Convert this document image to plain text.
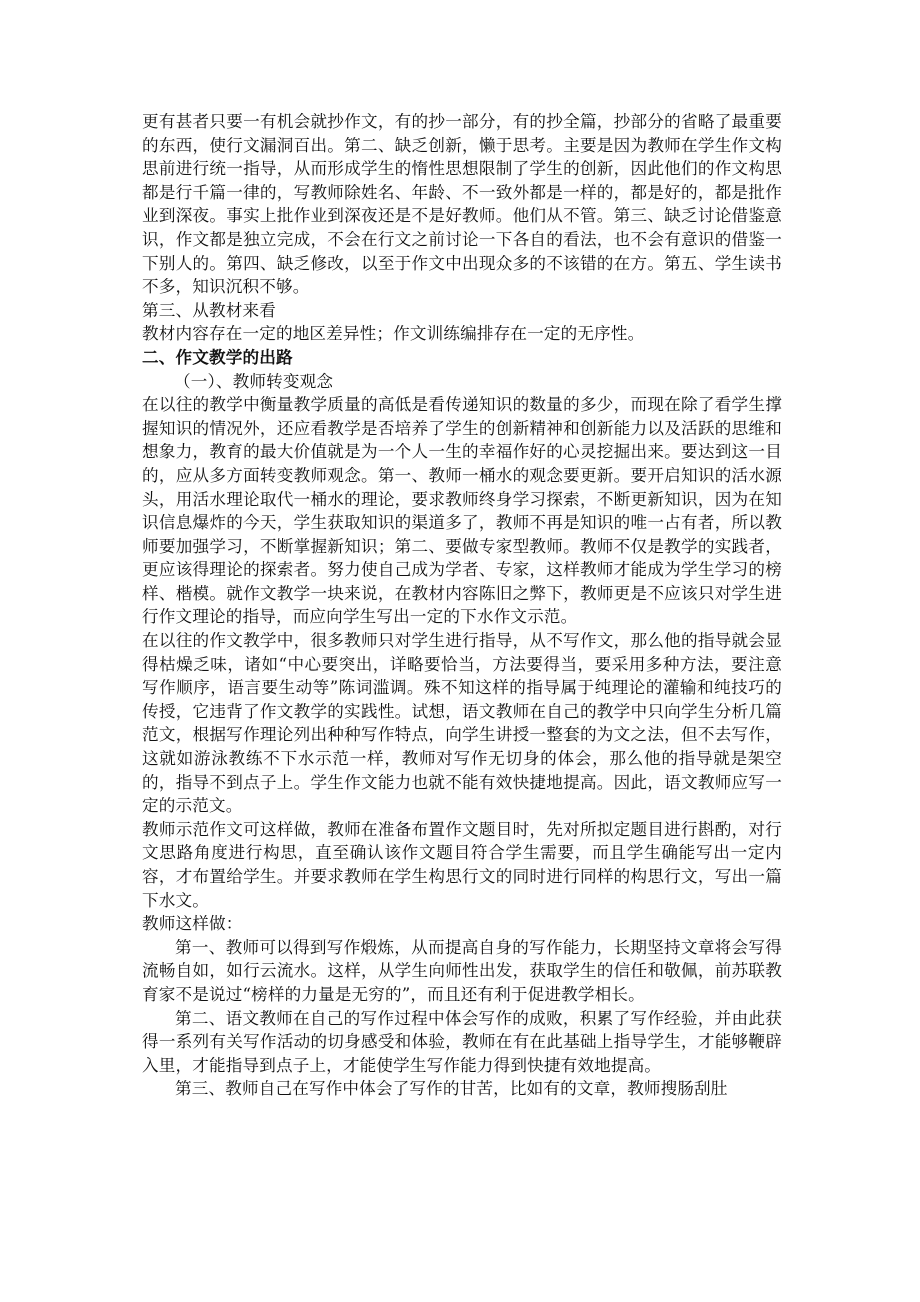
更有甚者只要一有机会就抄作文，有的抄一部分，有的抄全篇，抄部分的省略了最重要的东西，使行文漏洞百出。第二、缺乏创新，懒于思考。主要是因为教师在学生作文构思前进行统一指导，从而形成学生的惰性思想限制了学生的创新，因此他们的作文构思都是行千篇一律的，写教师除姓名、年龄、不一致外都是一样的，都是好的，都是批作业到深夜。事实上批作业到深夜还是不是好教师。他们从不管。第三、缺乏讨论借鉴意识，作文都是独立完成，不会在行文之前讨论一下各自的看法，也不会有意识的借鉴一下别人的。第四、缺乏修改，以至于作文中出现众多的不该错的在方。第五、学生读书不多，知识沉积不够。

第三、从教材来看

教材内容存在一定的地区差异性；作文训练编排存在一定的无序性。

二、作文教学的出路

（一）、教师转变观念

在以往的教学中衡量教学质量的高低是看传递知识的数量的多少，而现在除了看学生撑握知识的情况外，还应看教学是否培养了学生的创新精神和创新能力以及活跃的思维和想象力，教育的最大价值就是为一个人一生的幸福作好的心灵挖掘出来。要达到这一目的，应从多方面转变教师观念。第一、教师一桶水的观念要更新。要开启知识的活水源头，用活水理论取代一桶水的理论，要求教师终身学习探索，不断更新知识，因为在知识信息爆炸的今天，学生获取知识的渠道多了，教师不再是知识的唯一占有者，所以教师要加强学习，不断掌握新知识；第二、要做专家型教师。教师不仅是教学的实践者，更应该得理论的探索者。努力使自己成为学者、专家，这样教师才能成为学生学习的榜样、楷模。就作文教学一块来说，在教材内容陈旧之弊下，教师更是不应该只对学生进行作文理论的指导，而应向学生写出一定的下水作文示范。

在以往的作文教学中，很多教师只对学生进行指导，从不写作文，那么他的指导就会显得枯燥乏味，诸如“中心要突出，详略要恰当，方法要得当，要采用多种方法，要注意写作顺序，语言要生动等”陈词滥调。殊不知这样的指导属于纯理论的灌输和纯技巧的传授，它违背了作文教学的实践性。试想，语文教师在自己的教学中只向学生分析几篇范文，根据写作理论列出种种写作特点，向学生讲授一整套的为文之法，但不去写作，这就如游泳教练不下水示范一样，教师对写作无切身的体会，那么他的指导就是架空的，指导不到点子上。学生作文能力也就不能有效快捷地提高。因此，语文教师应写一定的示范文。

教师示范作文可这样做，教师在准备布置作文题目时，先对所拟定题目进行斟酌，对行文思路角度进行构思，直至确认该作文题目符合学生需要，而且学生确能写出一定内容，才布置给学生。并要求教师在学生构思行文的同时进行同样的构思行文，写出一篇下水文。

教师这样做：

第一、教师可以得到写作煅炼，从而提高自身的写作能力，长期坚持文章将会写得流畅自如，如行云流水。这样，从学生向师性出发，获取学生的信任和敬佩，前苏联教育家不是说过“榜样的力量是无穷的”，而且还有利于促进教学相长。

第二、语文教师在自己的写作过程中体会写作的成败，积累了写作经验，并由此获得一系列有关写作活动的切身感受和体验，教师在有在此基础上指导学生，才能够鞭辟入里，才能指导到点子上，才能使学生写作能力得到快捷有效地提高。

第三、教师自己在写作中体会了写作的甘苦，比如有的文章，教师搜肠刮肚
